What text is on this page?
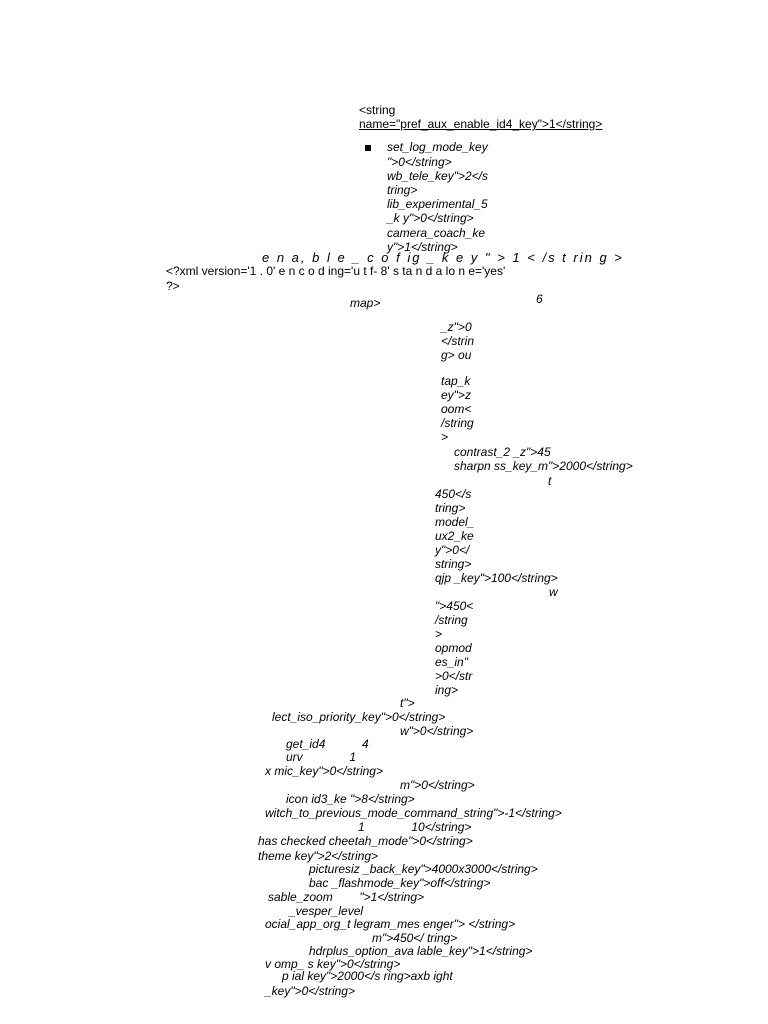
<string
name="pref_aux_enable_id4_key">1</string>
set_log_mode_key
">0</string>
wb_tele_key">2</s
tring>
lib_experimental_5
_k y">0</string>
camera_coach_ke
y">1</string>
e n a, b l e _ c o f ig _ k e y " > 1 < /s t rin g >
<?xml version='1 . 0' e n c o d ing='u t f- 8' s ta n d a lo n e='yes'
?>
map>	6
_z">0
</strin
g> ou
tap_k
ey">z
oom<
/string
>
contrast_2 _z">45
sharpn ss_key_m">2000</string>
t
450</s
tring>
model_
ux2_ke
y">0</
string>
qjp _key">100</string>
w
">450<
/string
>
opmod
es_in"
>0</str
ing>
t">
lect_iso_priority_key">0</string>
w">0</string>
get_id4           4
urv              1
x mic_key">0</string>
m">0</string>
icon id3_ke ">8</string>
witch_to_previous_mode_command_string">-1</string>
1              10</string>
has checked cheetah_mode">0</string>
theme key">2</string>
picturesiz _back_key">4000x3000</string>
bac _flashmode_key">off</string>
sable_zoom        ">1</string>
_vesper_level
ocial_app_org_t legram_mes enger"> </string>
m">450</ tring>
hdrplus_option_ava lable_key">1</string>
v omp_ s key">0</string>
p ial key">2000</s ring>axb ight
_key">0</string>
